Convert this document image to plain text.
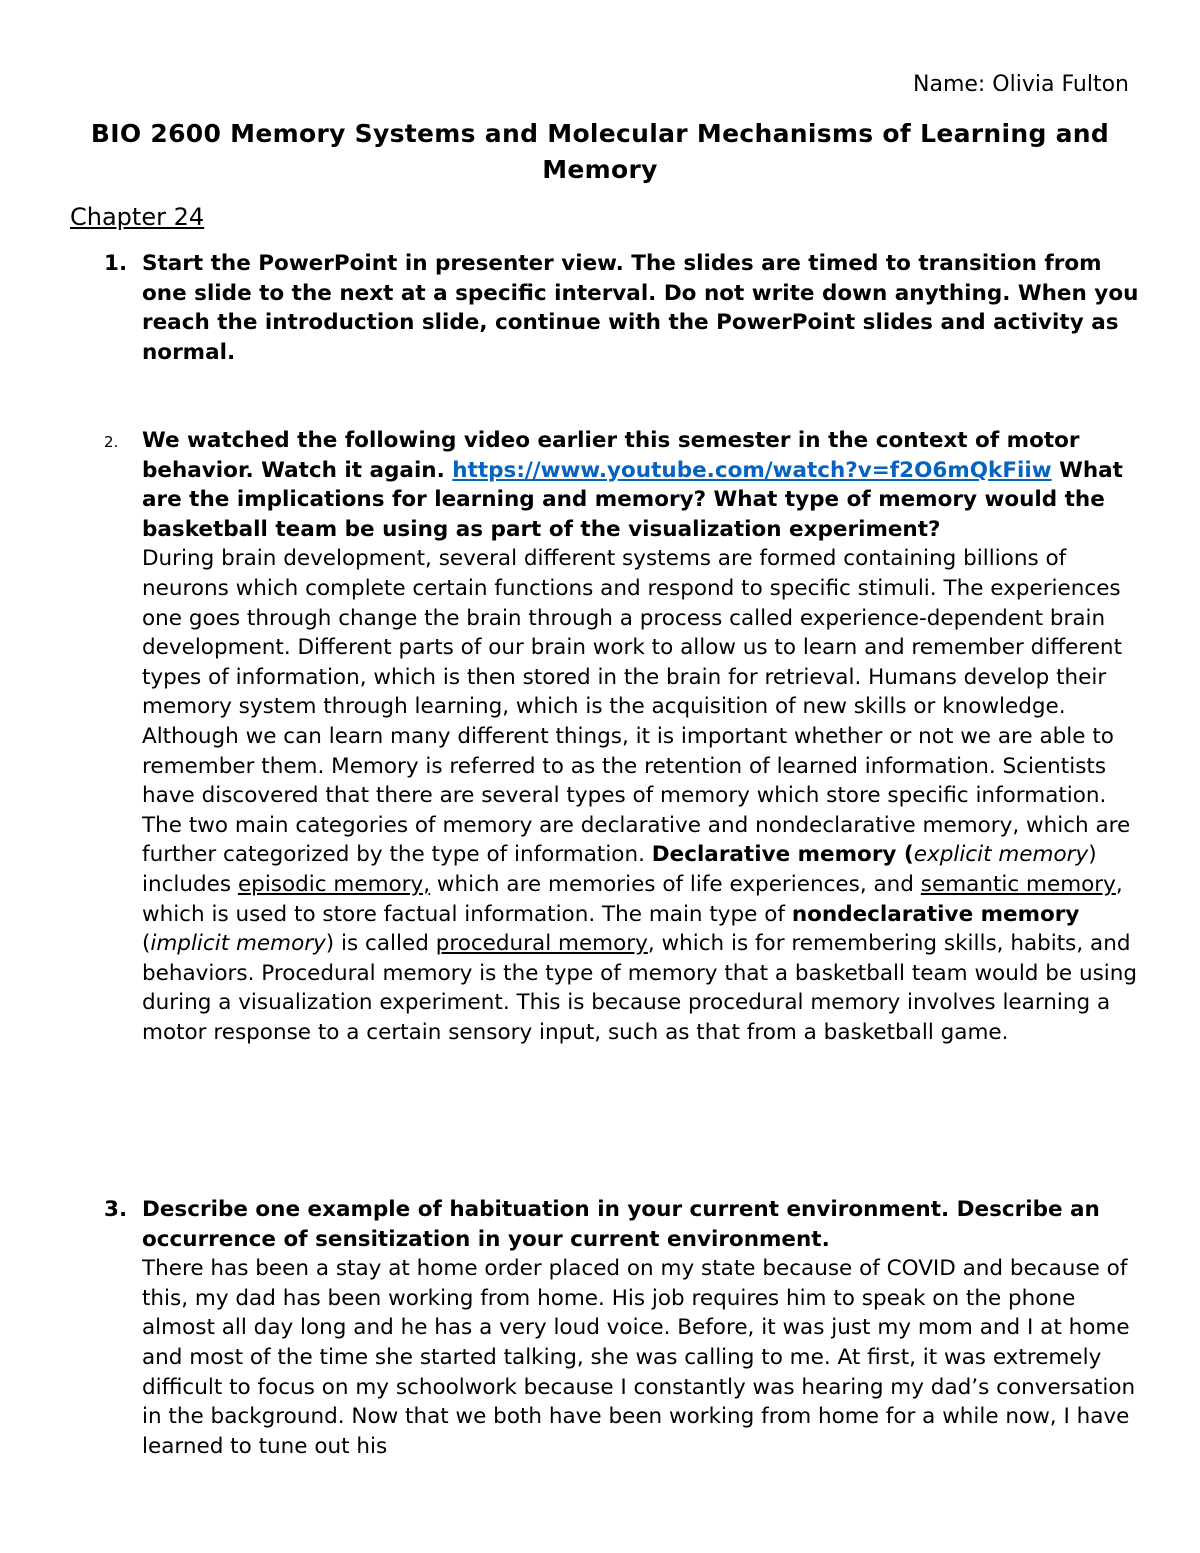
Name: Olivia Fulton
BIO 2600 Memory Systems and Molecular Mechanisms of Learning and Memory
Chapter 24
1. Start the PowerPoint in presenter view. The slides are timed to transition from one slide to the next at a specific interval. Do not write down anything. When you reach the introduction slide, continue with the PowerPoint slides and activity as normal.
2. We watched the following video earlier this semester in the context of motor behavior. Watch it again. https://www.youtube.com/watch?v=f2O6mQkFiiw What are the implications for learning and memory? What type of memory would the basketball team be using as part of the visualization experiment?
During brain development, several different systems are formed containing billions of neurons which complete certain functions and respond to specific stimuli. The experiences one goes through change the brain through a process called experience-dependent brain development. Different parts of our brain work to allow us to learn and remember different types of information, which is then stored in the brain for retrieval. Humans develop their memory system through learning, which is the acquisition of new skills or knowledge. Although we can learn many different things, it is important whether or not we are able to remember them. Memory is referred to as the retention of learned information. Scientists have discovered that there are several types of memory which store specific information. The two main categories of memory are declarative and nondeclarative memory, which are further categorized by the type of information. Declarative memory (explicit memory) includes episodic memory, which are memories of life experiences, and semantic memory, which is used to store factual information. The main type of nondeclarative memory (implicit memory) is called procedural memory, which is for remembering skills, habits, and behaviors. Procedural memory is the type of memory that a basketball team would be using during a visualization experiment. This is because procedural memory involves learning a motor response to a certain sensory input, such as that from a basketball game.
3. Describe one example of habituation in your current environment. Describe an occurrence of sensitization in your current environment.
There has been a stay at home order placed on my state because of COVID and because of this, my dad has been working from home. His job requires him to speak on the phone almost all day long and he has a very loud voice. Before, it was just my mom and I at home and most of the time she started talking, she was calling to me. At first, it was extremely difficult to focus on my schoolwork because I constantly was hearing my dad’s conversation in the background. Now that we both have been working from home for a while now, I have learned to tune out his
